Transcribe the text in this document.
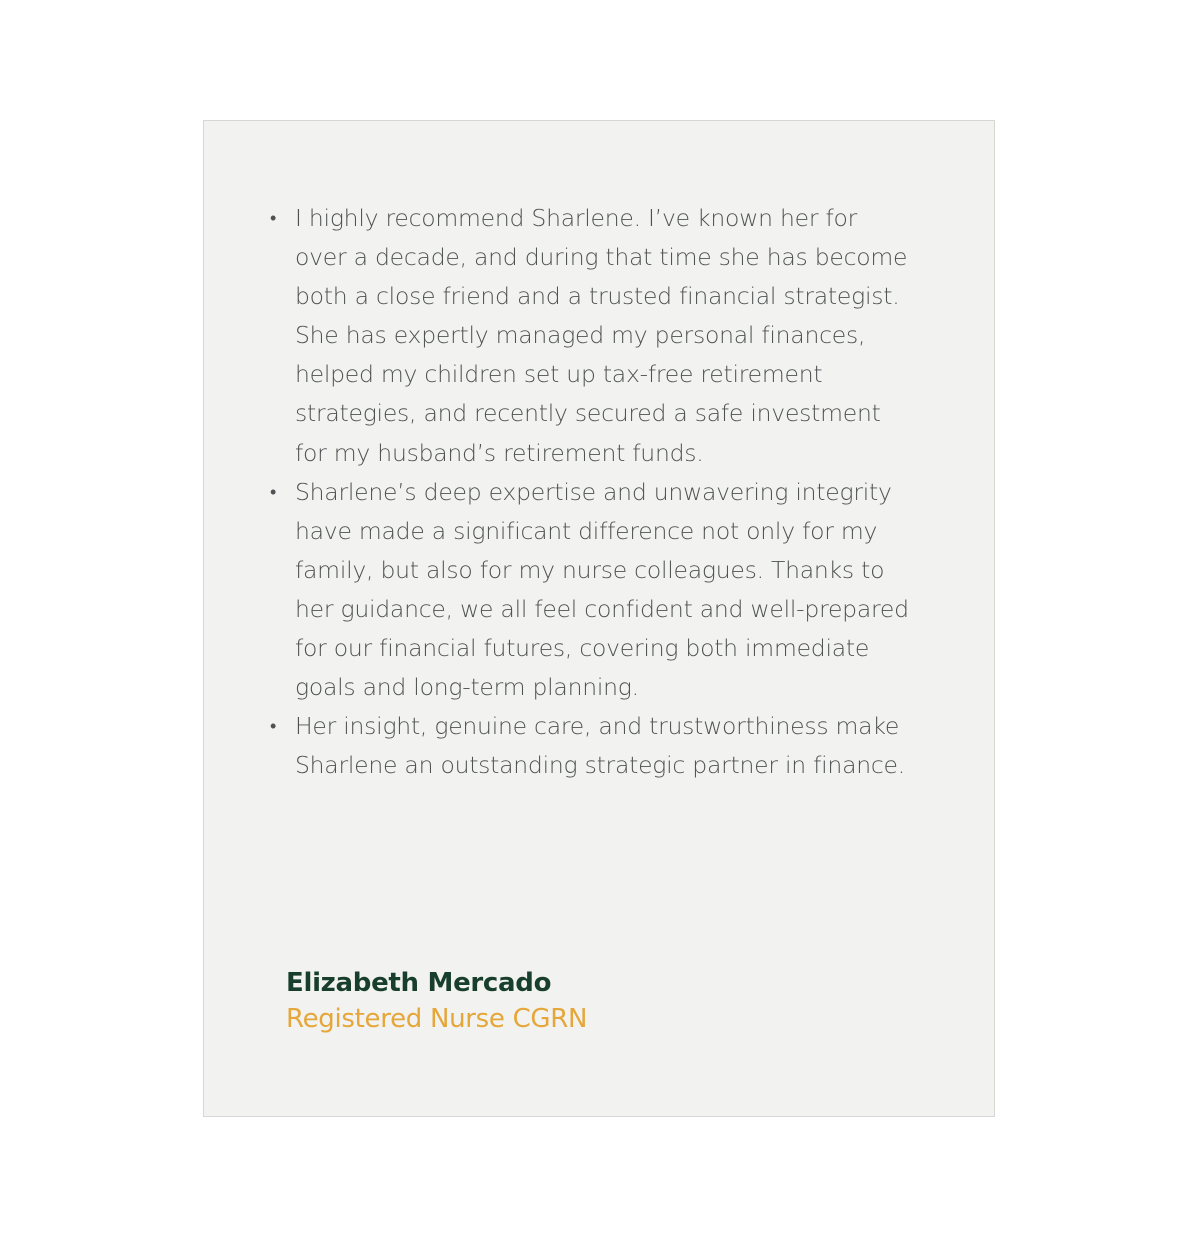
• I highly recommend Sharlene. I’ve known her for over a decade, and during that time she has become both a close friend and a trusted financial strategist. She has expertly managed my personal finances, helped my children set up tax-free retirement strategies, and recently secured a safe investment for my husband’s retirement funds.
• Sharlene’s deep expertise and unwavering integrity have made a significant difference not only for my family, but also for my nurse colleagues. Thanks to her guidance, we all feel confident and well-prepared for our financial futures, covering both immediate goals and long-term planning.
• Her insight, genuine care, and trustworthiness make Sharlene an outstanding strategic partner in finance.
Elizabeth Mercado
Registered Nurse CGRN
